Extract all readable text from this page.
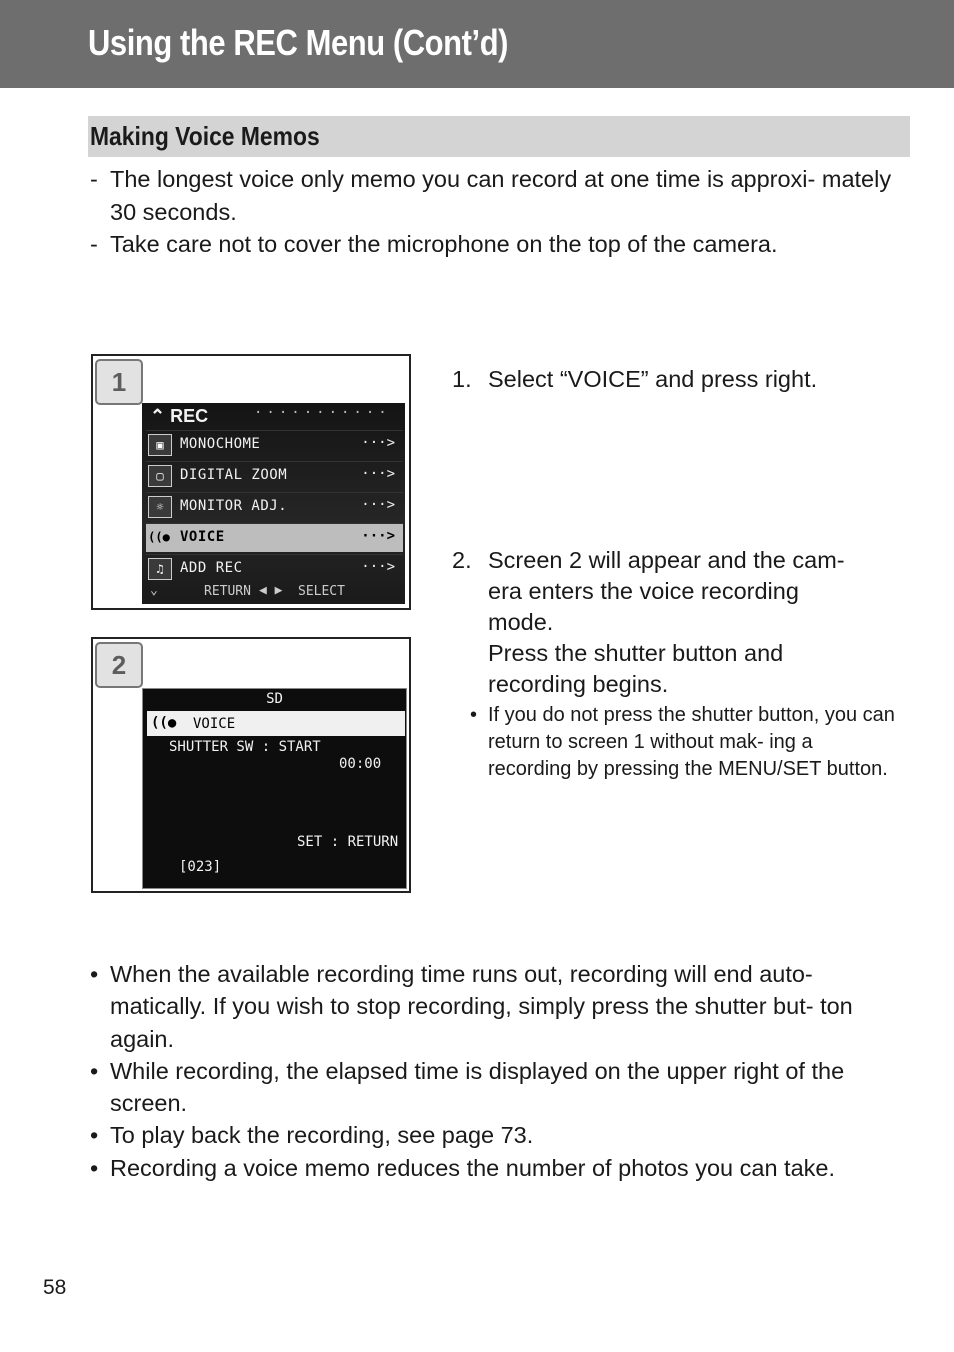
Using the REC Menu (Cont’d)
Making Voice Memos
- The longest voice only memo you can record at one time is approxi- mately 30 seconds.
- Take care not to cover the microphone on the top of the camera.
1
⌃ REC	···········
▣	MONOCHOME	···>
▢	DIGITAL ZOOM	···>
☼	MONITOR ADJ.	···>
((● VOICE	···>
♫	ADD REC	···>
⌄	RETURN ◀ ▶ SELECT
2
SD
((● VOICE
SHUTTER SW : START
00:00
SET : RETURN
[023]
1. Select “VOICE” and press right.
2. Screen 2 will appear and the cam-
era enters the voice recording
mode.
Press the shutter button and
recording begins.
• If you do not press the shutter button, you can return to screen 1 without mak- ing a recording by pressing the MENU/SET button.
• When the available recording time runs out, recording will end auto- matically. If you wish to stop recording, simply press the shutter but- ton again.
• While recording, the elapsed time is displayed on the upper right of the screen.
• To play back the recording, see page 73.
• Recording a voice memo reduces the number of photos you can take.
58
